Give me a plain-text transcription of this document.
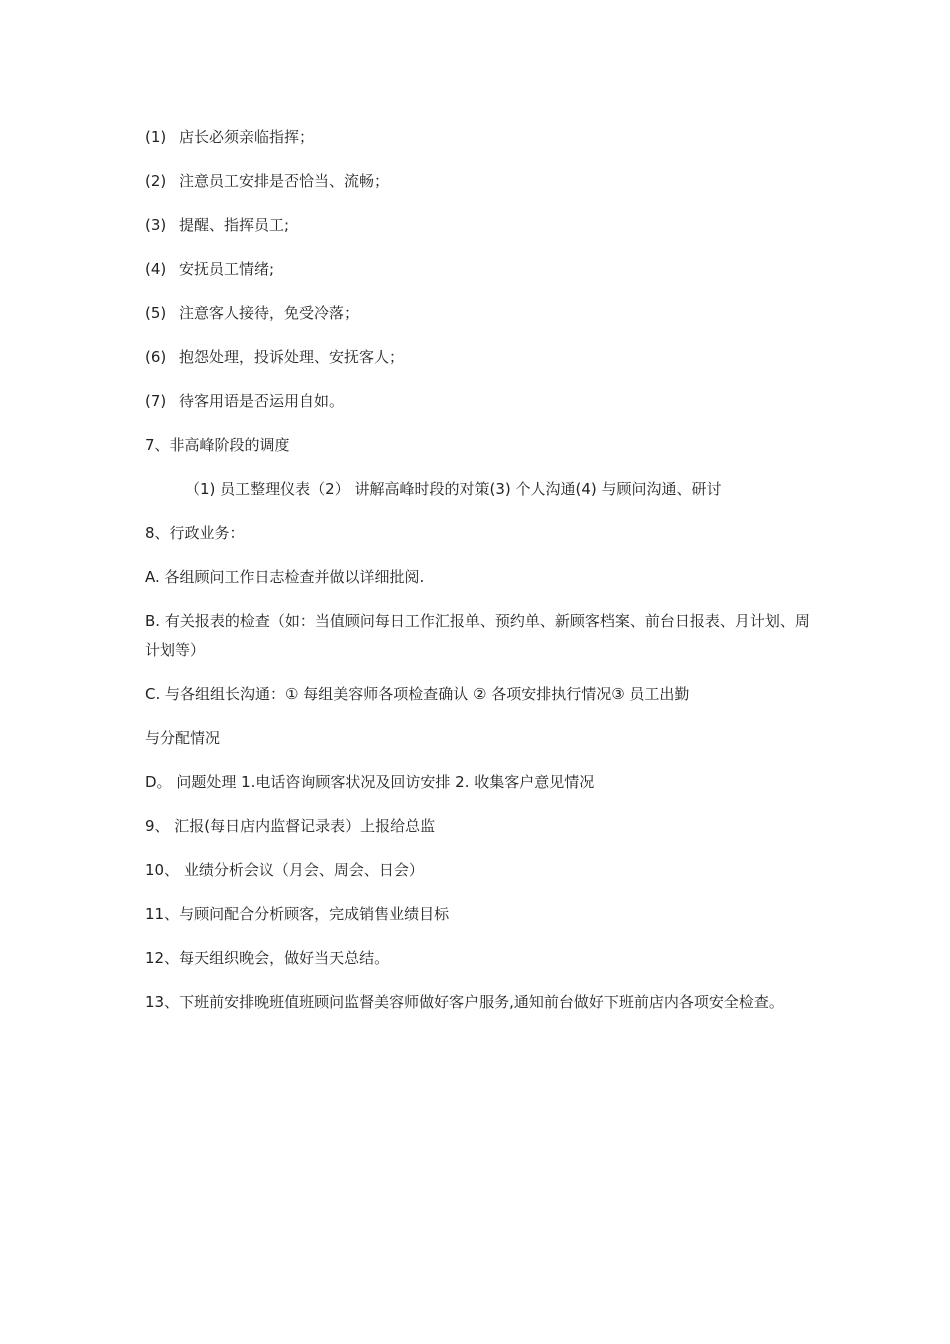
(1) 店长必须亲临指挥；
(2) 注意员工安排是否恰当、流畅；
(3) 提醒、指挥员工;
(4) 安抚员工情绪;
(5) 注意客人接待，免受冷落；
(6) 抱怨处理，投诉处理、安抚客人；
(7) 待客用语是否运用自如。
7、非高峰阶段的调度
（1) 员工整理仪表（2） 讲解高峰时段的对策(3) 个人沟通(4) 与顾问沟通、研讨
8、行政业务：
A. 各组顾问工作日志检查并做以详细批阅.
B. 有关报表的检查（如：当值顾问每日工作汇报单、预约单、新顾客档案、前台日报表、月计划、周计划等）
C. 与各组组长沟通：① 每组美容师各项检查确认 ② 各项安排执行情况③ 员工出勤
与分配情况
D。 问题处理 1.电话咨询顾客状况及回访安排 2. 收集客户意见情况
9、 汇报(每日店内监督记录表）上报给总监
10、 业绩分析会议（月会、周会、日会）
11、与顾问配合分析顾客，完成销售业绩目标
12、每天组织晚会，做好当天总结。
13、下班前安排晚班值班顾问监督美容师做好客户服务,通知前台做好下班前店内各项安全检查。
